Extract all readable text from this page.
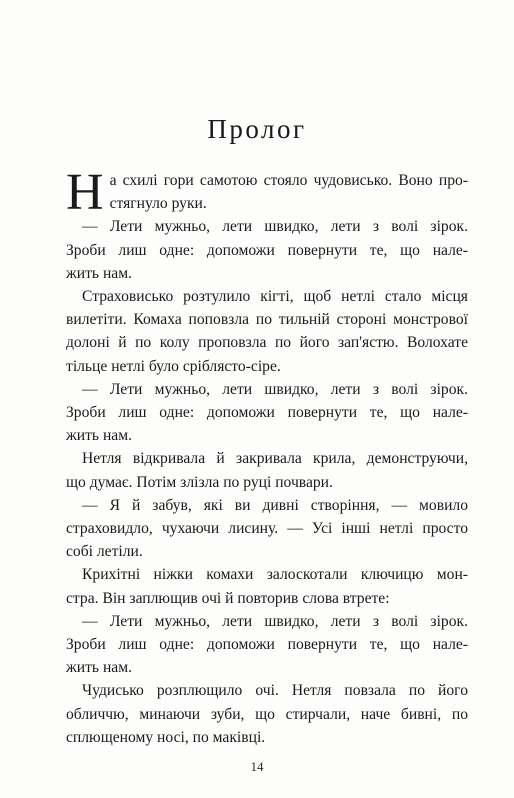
Пролог
Н а схилі гори самотою стояло чудовисько. Воно про-
стягнуло руки.
— Лети мужньо, лети швидко, лети з волі зірок.
Зроби лиш одне: допоможи повернути те, що нале-
жить нам.
Страховисько розтулило кігті, щоб нетлі стало місця
вилетіти. Комаха поповзла по тильній стороні монстрової
долоні й по колу проповзла по його зап'ястю. Волохате
тільце нетлі було сріблясто-сіре.
— Лети мужньо, лети швидко, лети з волі зірок.
Зроби лиш одне: допоможи повернути те, що нале-
жить нам.
Нетля відкривала й закривала крила, демонструючи,
що думає. Потім злізла по руці почвари.
— Я й забув, які ви дивні створіння, — мовило
страховидло, чухаючи лисину. — Усі інші нетлі просто
собі летіли.
Крихітні ніжки комахи залоскотали ключицю мон-
стра. Він заплющив очі й повторив слова втрете:
— Лети мужньо, лети швидко, лети з волі зірок.
Зроби лиш одне: допоможи повернути те, що нале-
жить нам.
Чудисько розплющило очі. Нетля повзала по його
обличчю, минаючи зуби, що стирчали, наче бивні, по
сплющеному носі, по маківці.
14
